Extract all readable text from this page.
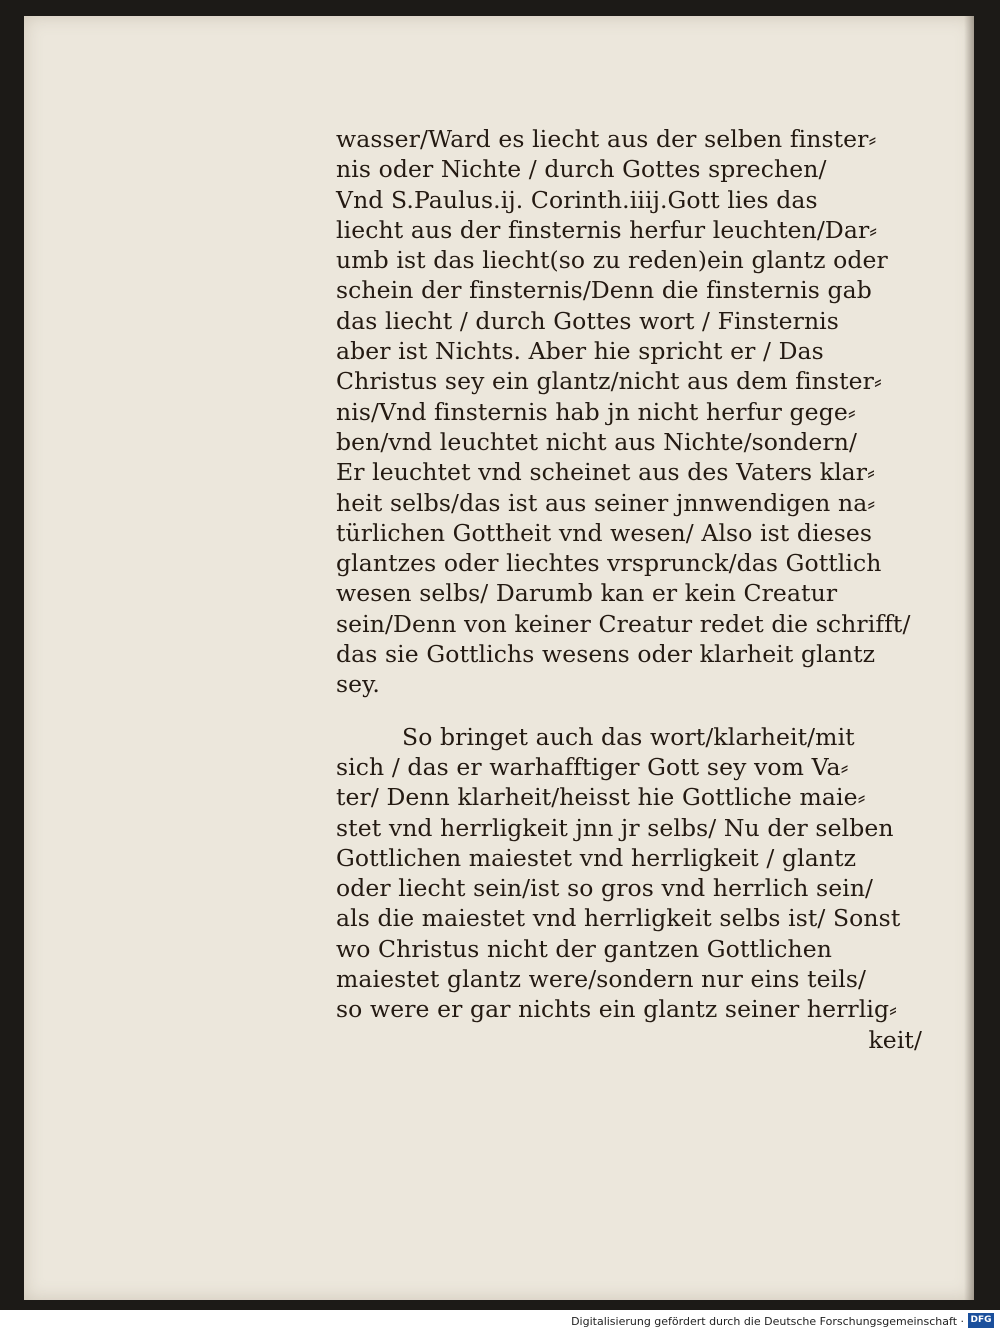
wasser/Ward es liecht aus der selben finster⸗
nis oder Nichte / durch Gottes sprechen/
Vnd S.Paulus.ij. Corinth.iiij.Gott lies das
liecht aus der finsternis herfur leuchten/Dar⸗
umb ist das liecht(so zu reden)ein glantz oder
schein der finsternis/Denn die finsternis gab
das liecht / durch Gottes wort / Finsternis
aber ist Nichts. Aber hie spricht er / Das
Christus sey ein glantz/nicht aus dem finster⸗
nis/Vnd finsternis hab jn nicht herfur gege⸗
ben/vnd leuchtet nicht aus Nichte/sondern/
Er leuchtet vnd scheinet aus des Vaters klar⸗
heit selbs/das ist aus seiner jnnwendigen na⸗
türlichen Gottheit vnd wesen/ Also ist dieses
glantzes oder liechtes vrsprunck/das Gottlich
wesen selbs/ Darumb kan er kein Creatur
sein/Denn von keiner Creatur redet die schrifft/
das sie Gottlichs wesens oder klarheit glantz
sey.

So bringet auch das wort/klarheit/mit
sich / das er warhafftiger Gott sey vom Va⸗
ter/ Denn klarheit/heisst hie Gottliche maie⸗
stet vnd herrligkeit jnn jr selbs/ Nu der selben
Gottlichen maiestet vnd herrligkeit / glantz
oder liecht sein/ist so gros vnd herrlich sein/
als die maiestet vnd herrligkeit selbs ist/ Sonst
wo Christus nicht der gantzen Gottlichen
maiestet glantz were/sondern nur eins teils/
so were er gar nichts ein glantz seiner herrlig⸗
keit/

Digitalisierung gefördert durch die Deutsche Forschungsgemeinschaft · DFG
